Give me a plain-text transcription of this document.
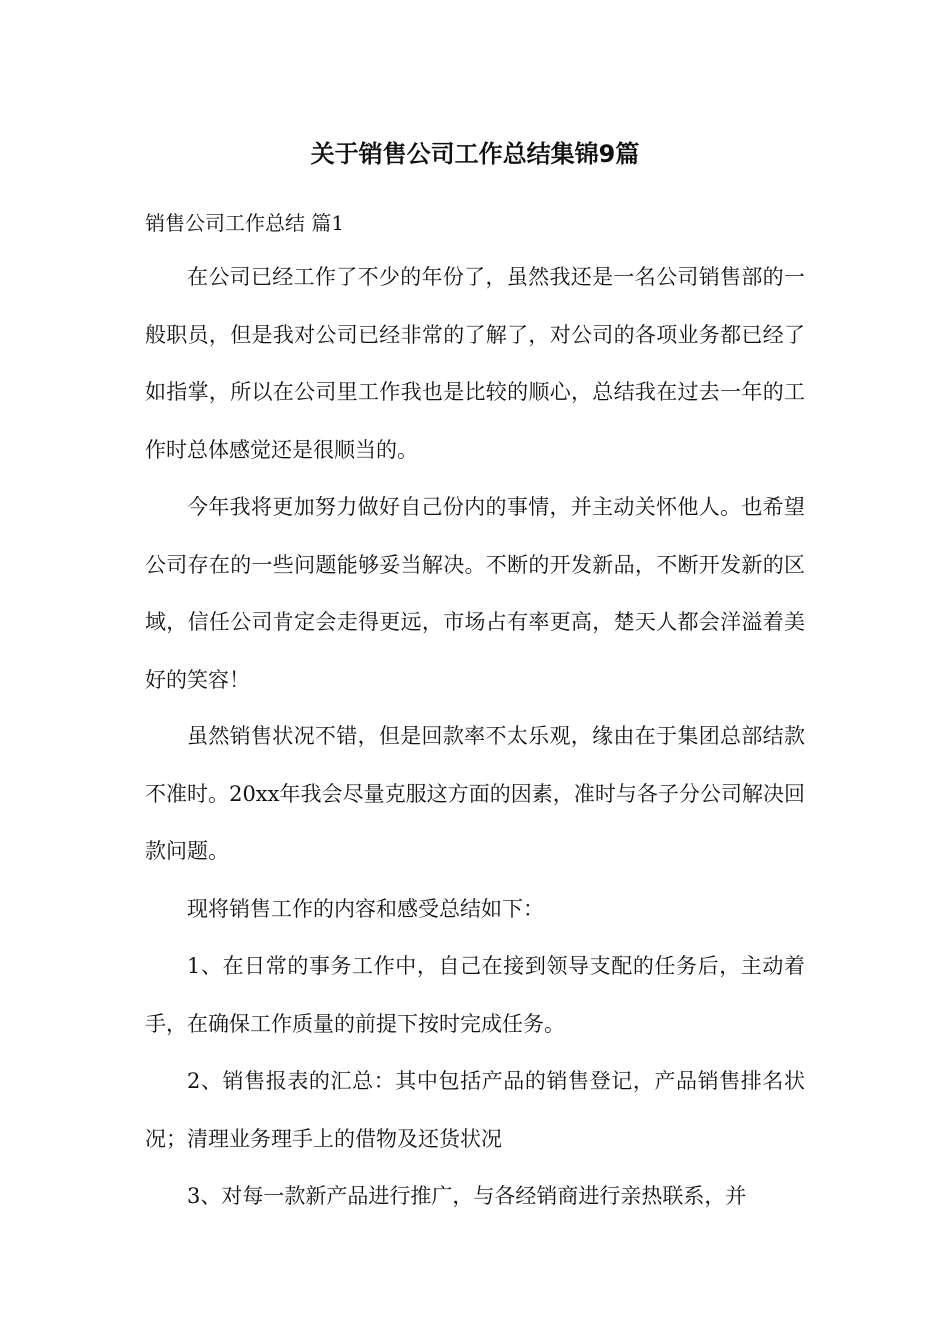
关于销售公司工作总结集锦9篇
销售公司工作总结 篇1

在公司已经工作了不少的年份了，虽然我还是一名公司销售部的一般职员，但是我对公司已经非常的了解了，对公司的各项业务都已经了如指掌，所以在公司里工作我也是比较的顺心，总结我在过去一年的工作时总体感觉还是很顺当的。

今年我将更加努力做好自己份内的事情，并主动关怀他人。也希望公司存在的一些问题能够妥当解决。不断的开发新品，不断开发新的区域，信任公司肯定会走得更远，市场占有率更高，楚天人都会洋溢着美好的笑容！

虽然销售状况不错，但是回款率不太乐观，缘由在于集团总部结款不准时。20xx年我会尽量克服这方面的因素，准时与各子分公司解决回款问题。

现将销售工作的内容和感受总结如下：

1、在日常的事务工作中，自己在接到领导支配的任务后，主动着手，在确保工作质量的前提下按时完成任务。

2、销售报表的汇总：其中包括产品的销售登记，产品销售排名状况；清理业务理手上的借物及还货状况

3、对每一款新产品进行推广，与各经销商进行亲热联系，并
